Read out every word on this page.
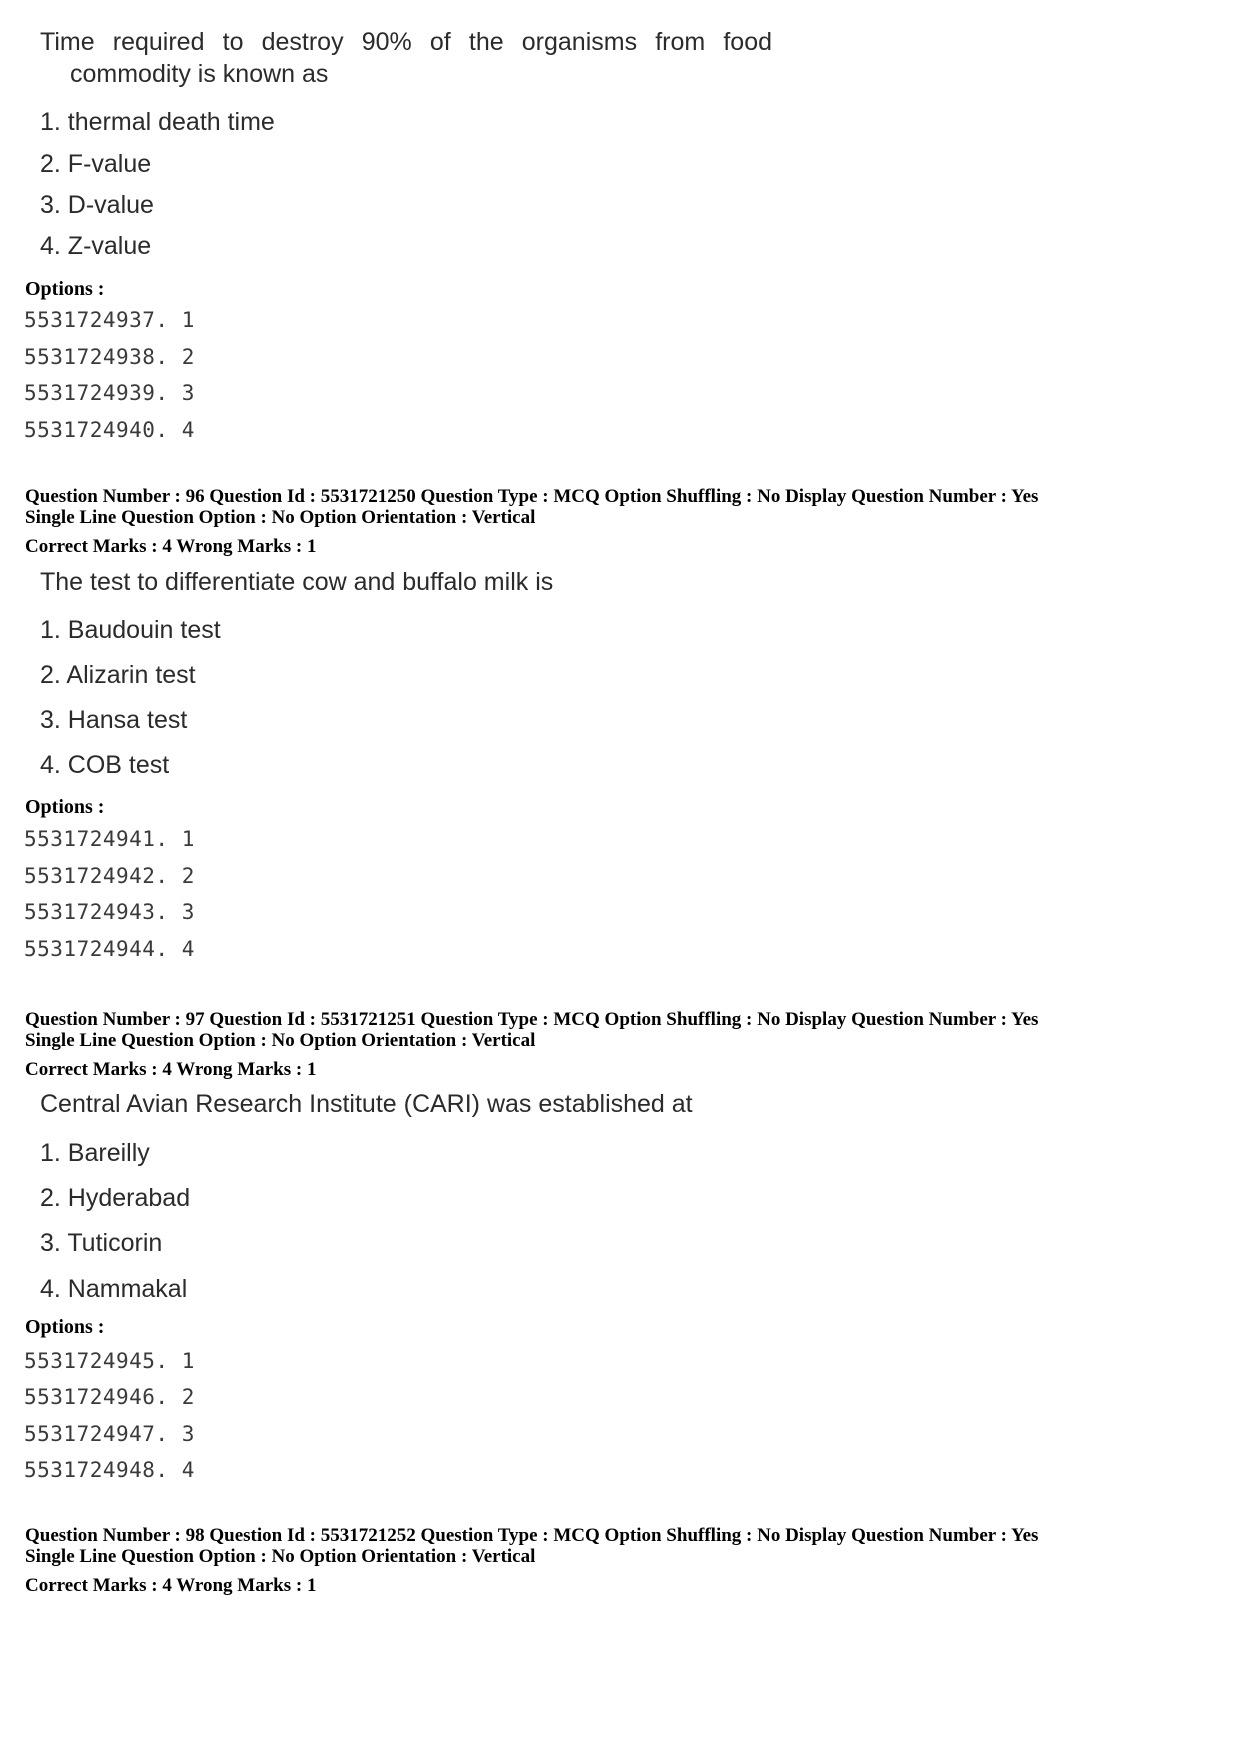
Time required to destroy 90% of the organisms from food
commodity is known as
1. thermal death time
2. F-value
3. D-value
4. Z-value
Options :
5531724937. 1
5531724938. 2
5531724939. 3
5531724940. 4
Question Number : 96 Question Id : 5531721250 Question Type : MCQ Option Shuffling : No Display Question Number : Yes
Single Line Question Option : No Option Orientation : Vertical
Correct Marks : 4 Wrong Marks : 1
The test to differentiate cow and buffalo milk is
1. Baudouin test
2. Alizarin test
3. Hansa test
4. COB test
Options :
5531724941. 1
5531724942. 2
5531724943. 3
5531724944. 4
Question Number : 97 Question Id : 5531721251 Question Type : MCQ Option Shuffling : No Display Question Number : Yes
Single Line Question Option : No Option Orientation : Vertical
Correct Marks : 4 Wrong Marks : 1
Central Avian Research Institute (CARI) was established at
1. Bareilly
2. Hyderabad
3. Tuticorin
4. Nammakal
Options :
5531724945. 1
5531724946. 2
5531724947. 3
5531724948. 4
Question Number : 98 Question Id : 5531721252 Question Type : MCQ Option Shuffling : No Display Question Number : Yes
Single Line Question Option : No Option Orientation : Vertical
Correct Marks : 4 Wrong Marks : 1
